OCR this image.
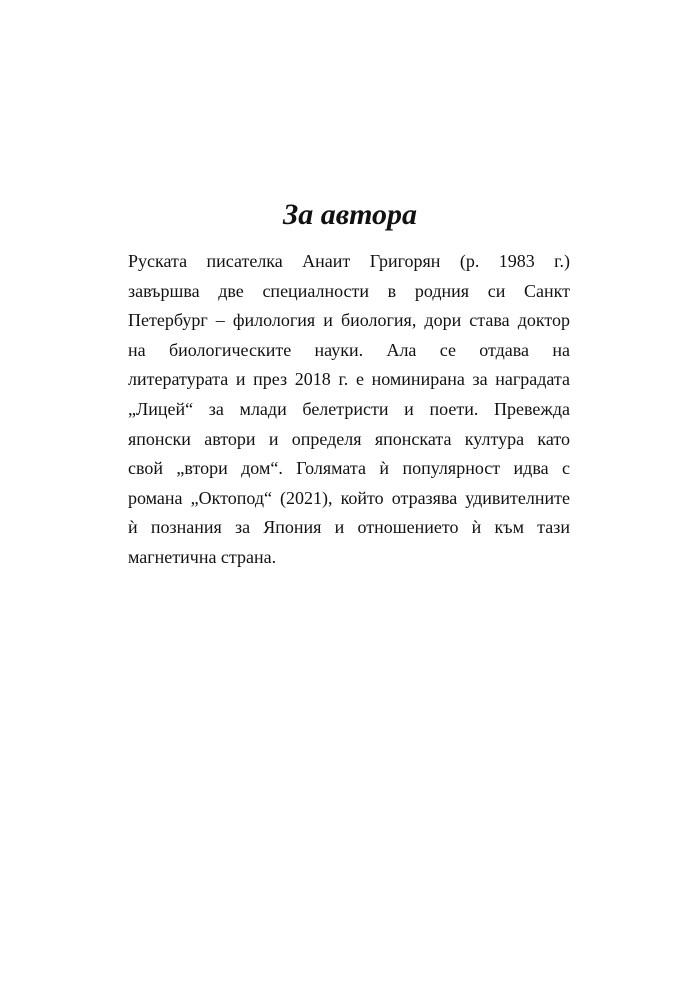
За автора
Руската писателка Анаит Григорян (р. 1983 г.)
завършва две специалности в родния си Санкт
Петербург – филология и биология, дори става доктор
на биологическите науки. Ала се отдава на
литературата и през 2018 г. е номинирана за наградата
„Лицей“ за млади белетристи и поети. Превежда
японски автори и определя японската култура като
свой „втори дом“. Голямата ѝ популярност идва с
романа „Октопод“ (2021), който отразява удивителните
ѝ познания за Япония и отношението ѝ към тази
магнетична страна.
